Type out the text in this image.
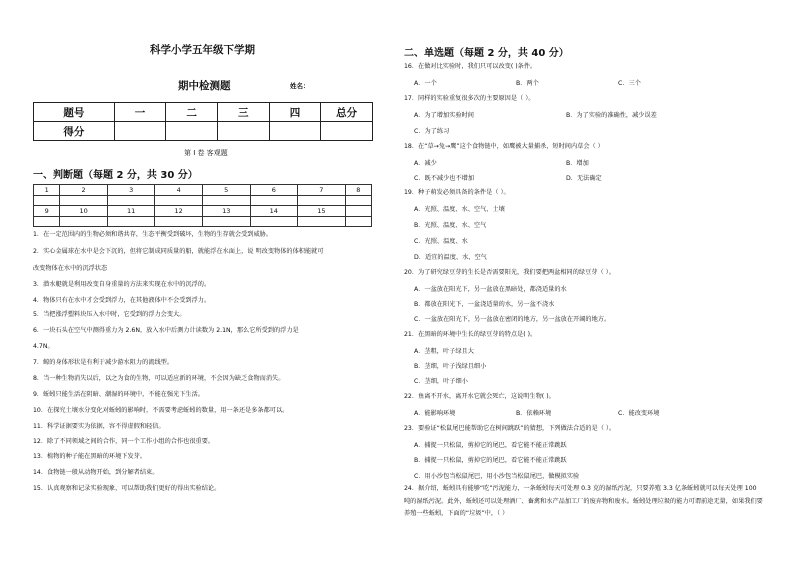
科学小学五年级下学期
期中检测题	姓名：
题号	一	二	三	四	总分
得分					
第 I 卷 客观题
一、判断题（每题 2 分，共 30 分）
1	2	3	4	5	6	7	8

9	10	11	12	13	14	15	

1．在一定范围内的生物必须和谐共存，生态平衡受到破坏，生物的生存就会受到威胁。
2．实心金属球在水中是会下沉的，但将它制成同质量的船，就能浮在水面上，说 明改变物体的体积能就可
改变物体在水中的沉浮状态
3．潜水艇就是利用改变自身重量的方法来实现在水中的沉浮的。
4．物体只有在水中才会受到浮力，在其他液体中不会受到浮力。
5．当把涨浮塑料块压入水中时，它受到的浮力会变大。
6．一块石头在空气中测得重力为 2.6N，放入水中后测力计读数为 2.1N，那么它所受到的浮力是
4.7N。
7．鲸的身体形状是有利于减少游水阻力的流线型。
8．当一种生物消失以后，以之为食的生物，可以适应新的环境，不会因为缺乏食物而消失。
9．蚯蚓只能生活在阴暗、潮湿的环境中，不能在强光下生活。
10．在探究土壤水分变化对蚯蚓的影响时，不需要考虑蚯蚓的数量，用一条还是多条都可以。
11．科学证据要实为依据，容不得虚假和轻信。
12．除了不同领域之间的合作，同一个工作小组的合作也很重要。
13．植物的种子能在黑暗的环境下发芽。
14．食物链一般从动物开始，到分解者结束。
15．认真观察和记录实验现象，可以帮助我们更好的得出实验结论。
二、单选题（每题 2 分，共 40 分）
16．在做对比实验时，我们只可以改变( )条件。
A．一个	B．两个	C．三个
17．同样的实验重复很多次的主要原因是（ ）。
A．为了增加实验时间	B．为了实验的准确性，减少误差
C．为了练习
18．在“草→兔→鹰”这个食物链中，如鹰被大量捕杀，短时间内草会（ ）
A．减少	B．增加
C．既不减少也不增加	D．无法确定
19．种子萌发必须具备的条件是（ ）。
A．光照、温度、水、空气、土壤
B．光照、温度、水、空气
C．光照、温度、水
D．适宜的温度、水、空气
20．为了研究绿豆芽的生长是否需要阳光，我们要把两盆相同的绿豆芽（ ）。
A．一盆放在阳光下，另一盆放在黑暗处，都浇适量的水
B．都放在阳光下，一盆浇适量的水，另一盆不浇水
C．一盆放在阳光下，另一盆放在密闭的地方，另一盆放在开阔的地方。
21．在黑暗的环境中生长的绿豆芽的特点是( )。
A．茎粗，叶子绿且大
B．茎细，叶子浅绿且细小
C．茎细，叶子细小
22．鱼离不开水，离开水它就会死亡，这说明生物( )。
A．能影响环境	B．依赖环境	C．能改变环境
23．要验证“松鼠尾巴能帮助它在树间跳跃”的猜想，下列做法合适的是（ ）。
A．捕捉一只松鼠，剪掉它的尾巴，看它能不能正常跳跃
B．捕捉一只松鼠，剪掉它的尾巴，看它能不能正常跳跃
C．用小沙包当松鼠尾巴，用小沙包当松鼠尾巴，做模拟实验
24．据介绍，蚯蚓具有能够“吃”污泥能力，一条蚯蚓每天可处理 0.3 克的湿纸污泥，只要养殖 3.3 亿条蚯蚓就可以每天处理 100 吨的湿纸污泥。此外，蚯蚓还可以处理酒厂、畜禽和水产品加工厂的废弃物和废水。蚯蚓处理垃圾的能力可谓前途无量，如果我们要养殖一些蚯蚓，下面的“垃圾”中，（ ）
